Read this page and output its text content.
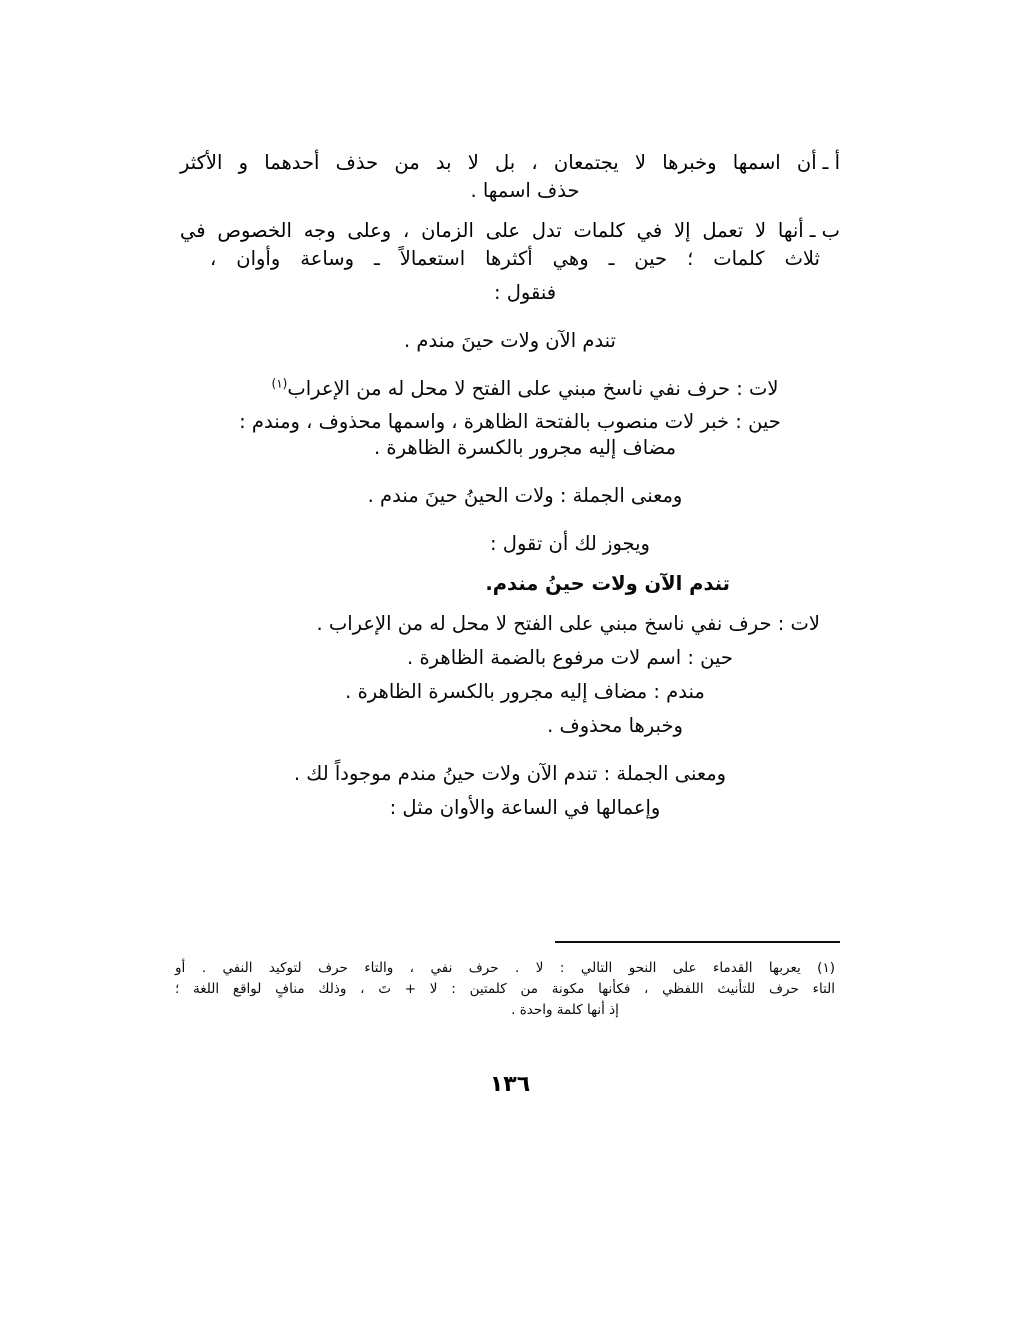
أ ـ
أن اسمها وخبرها لا يجتمعان ، بل لا بد من حذف أحدهما و الأكثر
حذف اسمها .
ب ـ
أنها لا تعمل إلا في كلمات تدل على الزمان ، وعلى وجه الخصوص في
ثلاث كلمات ؛ حين ـ وهي أكثرها استعمالاً ـ وساعة وأوان ،
فنقول :
تندم الآن ولات حينَ مندم .
لات : حرف نفي ناسخ مبني على الفتح لا محل له من الإعراب$^{(١)}$
حين : خبر لات منصوب بالفتحة الظاهرة ، واسمها محذوف ، ومندم :
مضاف إليه مجرور بالكسرة الظاهرة .
ومعنى الجملة : ولات الحينُ حينَ مندم .
ويجوز لك أن تقول :
تندم الآن ولات حينُ مندم.
لات : حرف نفي ناسخ مبني على الفتح لا محل له من الإعراب .
حين : اسم لات مرفوع بالضمة الظاهرة .
مندم : مضاف إليه مجرور بالكسرة الظاهرة .
وخبرها محذوف .
ومعنى الجملة : تندم الآن ولات حينُ مندم موجوداً لك .
وإعمالها في الساعة والأوان مثل :
(١) يعربها القدماء على النحو التالي : لا . حرف نفي ، والتاء حرف لتوكيد النفي . أو
التاء حرف للتأنيث اللفظي ، فكأنها مكونة من كلمتين : لا + تَ ، وذلك منافٍ لواقع اللغة ؛
إذ أنها كلمة واحدة .
١٣٦
